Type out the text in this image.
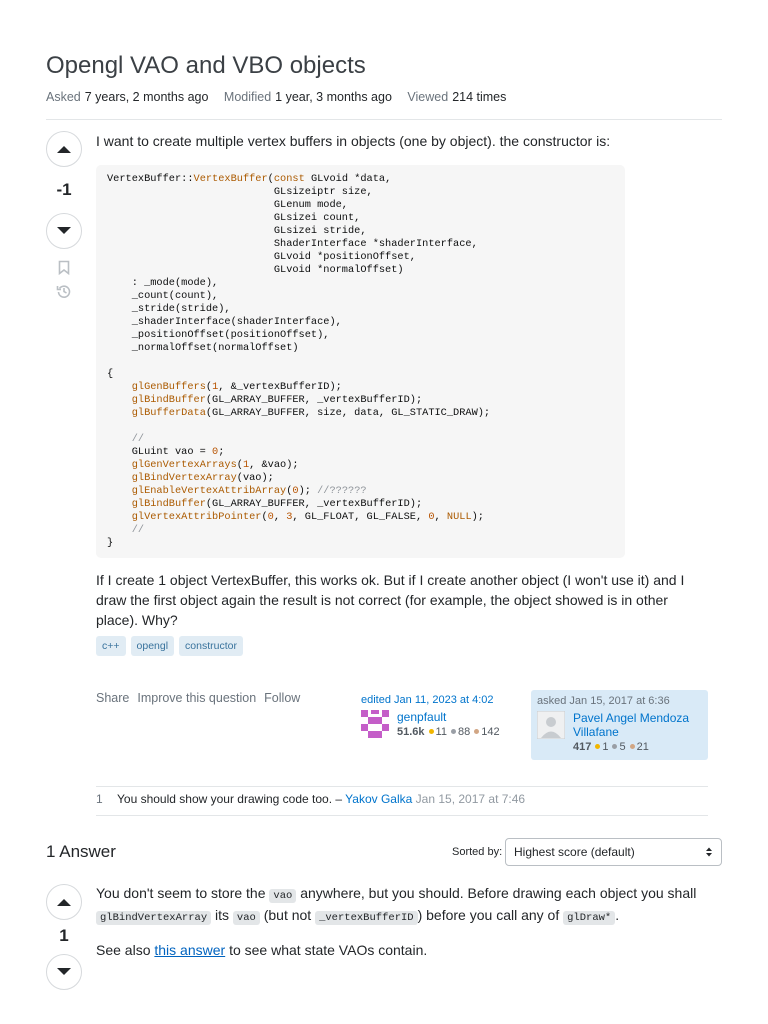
Opengl VAO and VBO objects
Asked 7 years, 2 months ago Modified 1 year, 3 months ago Viewed 214 times
-1

I want to create multiple vertex buffers in objects (one by object). the constructor is:

VertexBuffer::VertexBuffer(const GLvoid *data,
GLsizeiptr size,
GLenum mode,
GLsizei count,
GLsizei stride,
ShaderInterface *shaderInterface,
GLvoid *positionOffset,
GLvoid *normalOffset)
: _mode(mode),
_count(count),
_stride(stride),
_shaderInterface(shaderInterface),
_positionOffset(positionOffset),
_normalOffset(normalOffset)

{
glGenBuffers(1, &_vertexBufferID);
glBindBuffer(GL_ARRAY_BUFFER, _vertexBufferID);
glBufferData(GL_ARRAY_BUFFER, size, data, GL_STATIC_DRAW);

//
GLuint vao = 0;
glGenVertexArrays(1, &vao);
glBindVertexArray(vao);
glEnableVertexAttribArray(0); //??????
glBindBuffer(GL_ARRAY_BUFFER, _vertexBufferID);
glVertexAttribPointer(0, 3, GL_FLOAT, GL_FALSE, 0, NULL);
//
}

If I create 1 object VertexBuffer, this works ok. But if I create another object (I won't use it) and I draw the first object again the result is not correct (for example, the object showed is in other place). Why?

c++	opengl	constructor
Share Improve this question Follow	edited Jan 11, 2023 at 4:02
genpfault
51.6k 11 88 142
asked Jan 15, 2017 at 6:36
Pavel Angel Mendoza Villafane
417 1 5 21
1	You should show your drawing code too. – Yakov Galka Jan 15, 2017 at 7:46
1 Answer	Sorted by: Highest score (default)
1

You don't seem to store the vao anywhere, but you should. Before drawing each object you shall glBindVertexArray its vao (but not _vertexBufferID ) before you call any of glDraw* .

See also this answer to see what state VAOs contain.
